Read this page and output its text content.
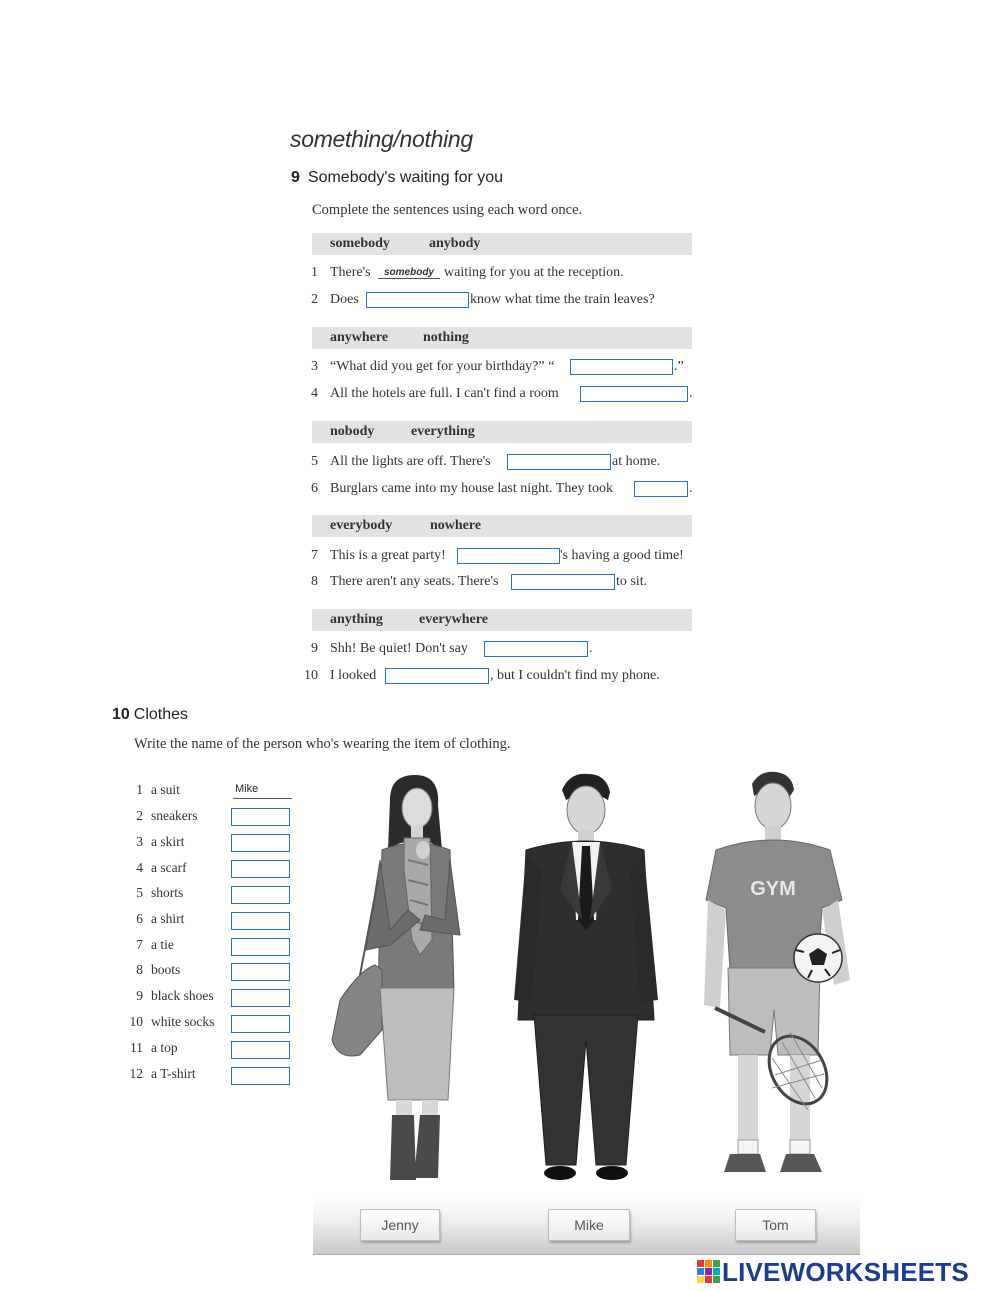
something/nothing
9 Somebody's waiting for you
Complete the sentences using each word once.
somebody	anybody
anywhere nothing
nobody	everything
everybody	nowhere
anything	everywhere
1 There's	somebody waiting for you at the reception.
2 Does	know what time the train leaves?
3 “What did you get for your birthday?” “	.”
4 All the hotels are full. I can't find a room	.
5 All the lights are off. There's	at home.
6 Burglars came into my house last night. They took	.
7 This is a great party!	's having a good time!
8 There aren't any seats. There's	to sit.
9 Shh! Be quiet! Don't say	.
10 I looked	, but I couldn't find my phone.
10 Clothes
Write the name of the person who's wearing the item of clothing.
1 a suit	Mike
2 sneakers
3 a skirt
4 a scarf
5 shorts
6 a shirt
7 a tie
8 boots
9 black shoes
10 white socks
11 a top
12 a T-shirt
GYM
Jenny	Mike	Tom
LIVEWORKSHEETS
